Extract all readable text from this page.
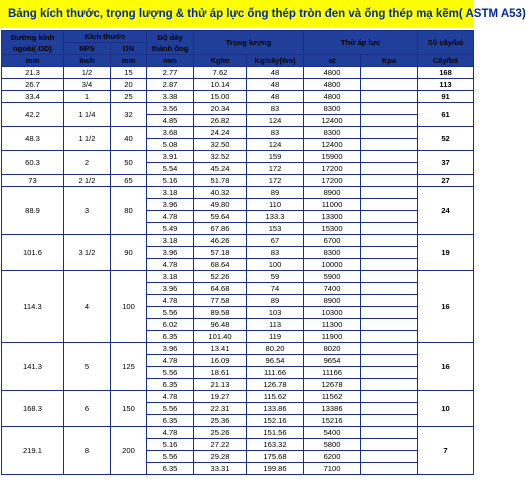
Bảng kích thước, trọng lượng & thử áp lực ống thép tròn đen và ống thép mạ kẽm( ASTM A53)
Đường kính ngoài( OD)	Kích thước		Độ dày thành ống	Trọng lượng		Thử áp lực		Số cây/bó
	NPS	DN						
mm	inch	mm	mm	Kg/m	Kg/cây(6m)	at	Kpa	Cây/bó
21.3	1/2	15	2.77	7.62	48	4800		168
26.7	3/4	20	2.87	10.14	48	4800		113
33.4	1	25	3.38	15.00	48	4800		91
42.2	1 1/4	32	3.56	20.34	83	8300		61
			4.85	26.82	124	12400		
48.3	1 1/2	40	3.68	24.24	83	8300		52
			5.08	32.50	124	12400		
60.3	2	50	3.91	32.52	159	15900		37
			5.54	45.24	172	17200		
73	2 1/2	65	5.16	51.78	172	17200		27
88.9	3	80	3.18	40.32	89	8900		24
			3.96	49.80	110	11000		
			4.78	59.64	133.3	13300		
			5.49	67.86	153	15300		
101.6	3 1/2	90	3.18	46.26	67	6700		19
			3.96	57.18	83	8300		
			4.78	68.64	100	10000		
114.3	4	100	3.18	52.26	59	5900		16
			3.96	64.68	74	7400		
			4.78	77.58	89	8900		
			5.56	89.58	103	10300		
			6.02	96.48	113	11300		
			6.35	101.40	119	11900		
141.3	5	125	3.96	13.41	80.20	8020		16
			4.78	16.09	96.54	9654		
			5.56	18.61	111.66	11166		
			6.35	21.13	126.78	12678		
168.3	6	150	4.78	19.27	115.62	11562		10
			5.56	22.31	133.86	13386		
			6.35	25.36	152.16	15216		
219.1	8	200	4.78	25.26	151.56	5400		7
			5.16	27.22	163.32	5800		
			5.56	29.28	175.68	6200		
			6.35	33.31	199.86	7100		
